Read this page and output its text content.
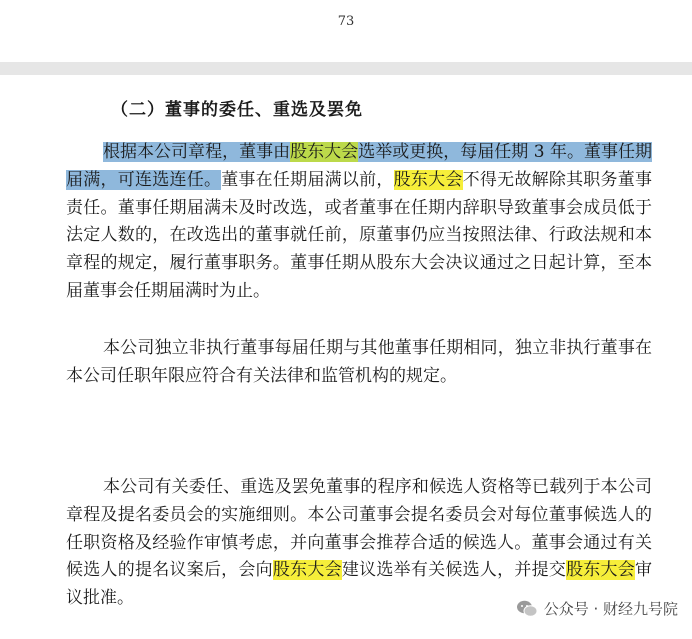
73
（二）董事的委任、重选及罢免

根据本公司章程，董事由股东大会选举或更换，每届任期 3 年。董事任期届满，可连选连任。董事在任期届满以前，股东大会不得无故解除其职务董事责任。董事任期届满未及时改选，或者董事在任期内辞职导致董事会成员低于法定人数的，在改选出的董事就任前，原董事仍应当按照法律、行政法规和本章程的规定，履行董事职务。董事任期从股东大会决议通过之日起计算，至本届董事会任期届满时为止。

本公司独立非执行董事每届任期与其他董事任期相同，独立非执行董事在本公司任职年限应符合有关法律和监管机构的规定。

本公司有关委任、重选及罢免董事的程序和候选人资格等已载列于本公司章程及提名委员会的实施细则。本公司董事会提名委员会对每位董事候选人的任职资格及经验作审慎考虑，并向董事会推荐合适的候选人。董事会通过有关候选人的提名议案后，会向股东大会建议选举有关候选人，并提交股东大会审议批准。

公众号 · 财经九号院
